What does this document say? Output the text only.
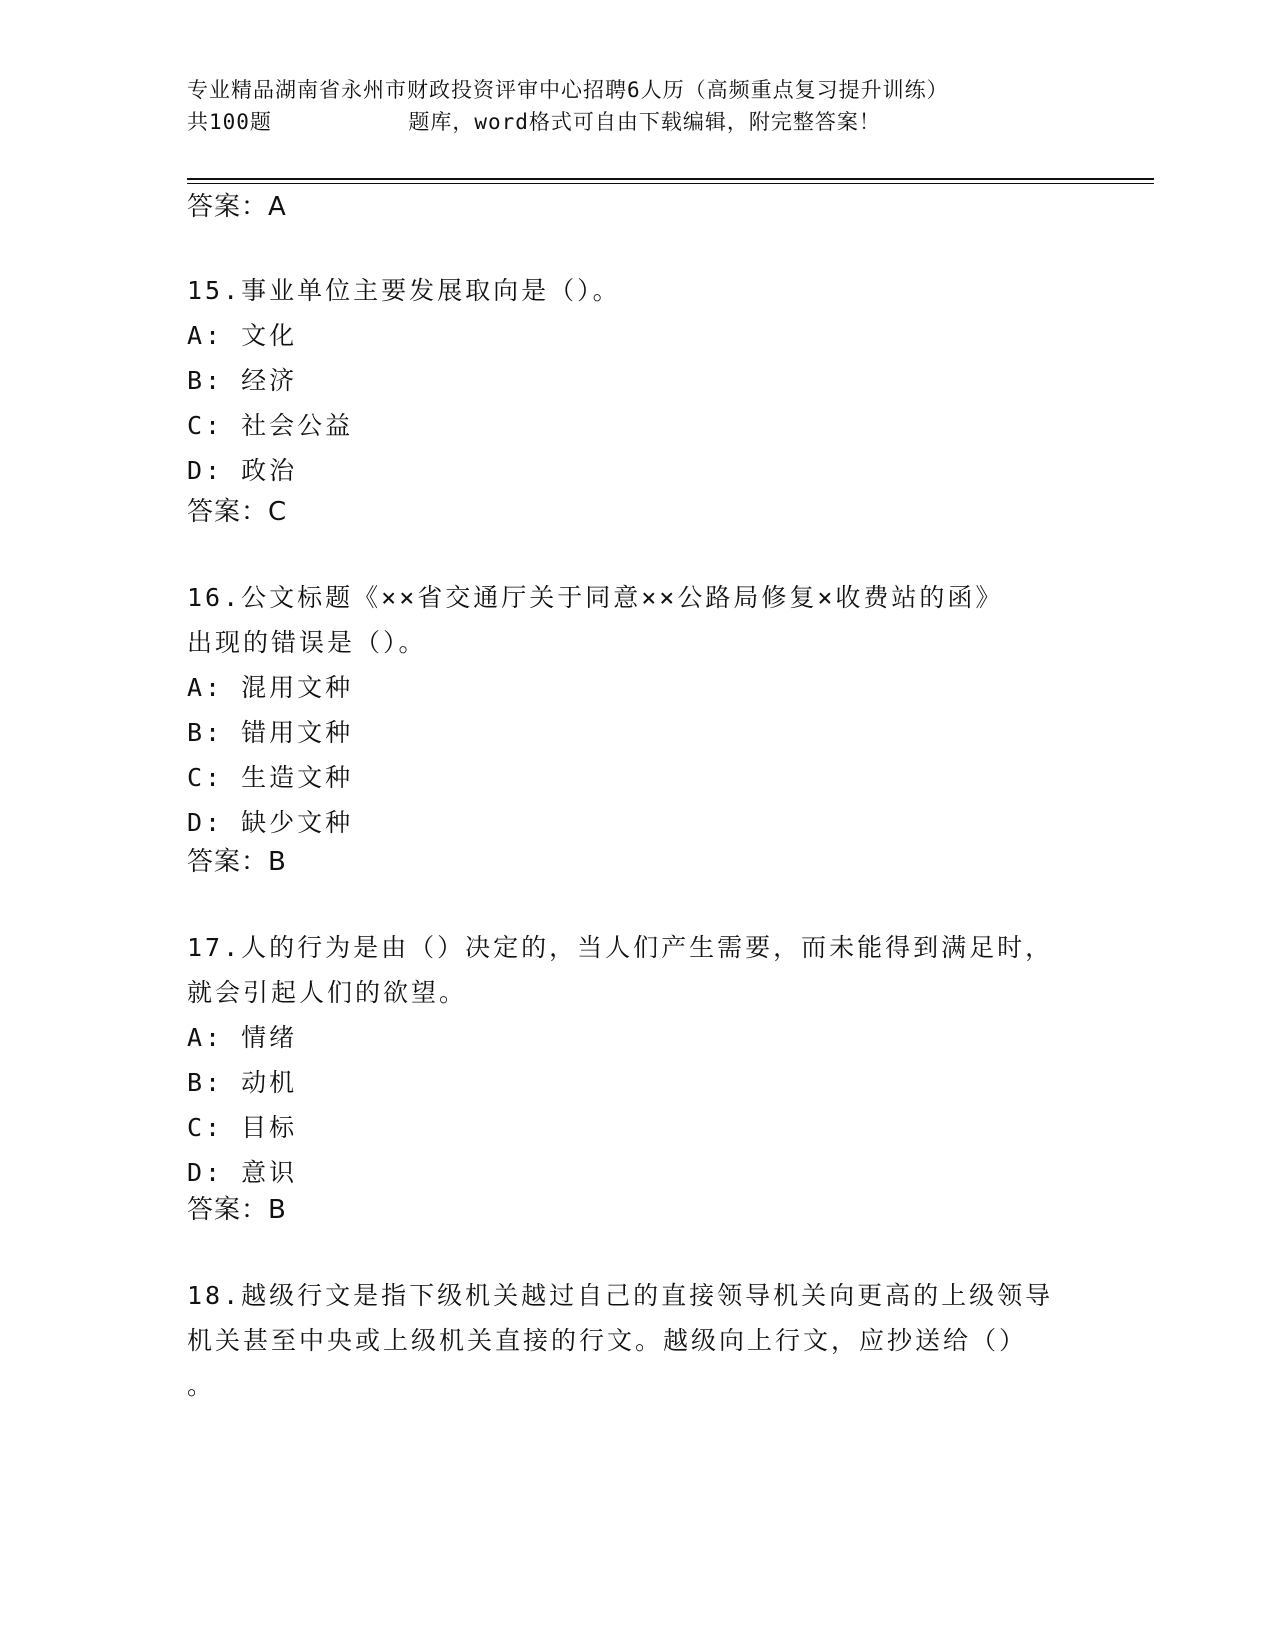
专业精品湖南省永州市财政投资评审中心招聘6人历（高频重点复习提升训练）
共100题          题库，word格式可自由下载编辑，附完整答案！
答案：A
15.事业单位主要发展取向是（）。
A: 文化
B: 经济
C: 社会公益
D: 政治
答案：C
16.公文标题《××省交通厅关于同意××公路局修复×收费站的函》
出现的错误是（）。
A: 混用文种
B: 错用文种
C: 生造文种
D: 缺少文种
答案：B
17.人的行为是由（）决定的，当人们产生需要，而未能得到满足时，
就会引起人们的欲望。
A: 情绪
B: 动机
C: 目标
D: 意识
答案：B
18.越级行文是指下级机关越过自己的直接领导机关向更高的上级领导
机关甚至中央或上级机关直接的行文。越级向上行文，应抄送给（）
。
